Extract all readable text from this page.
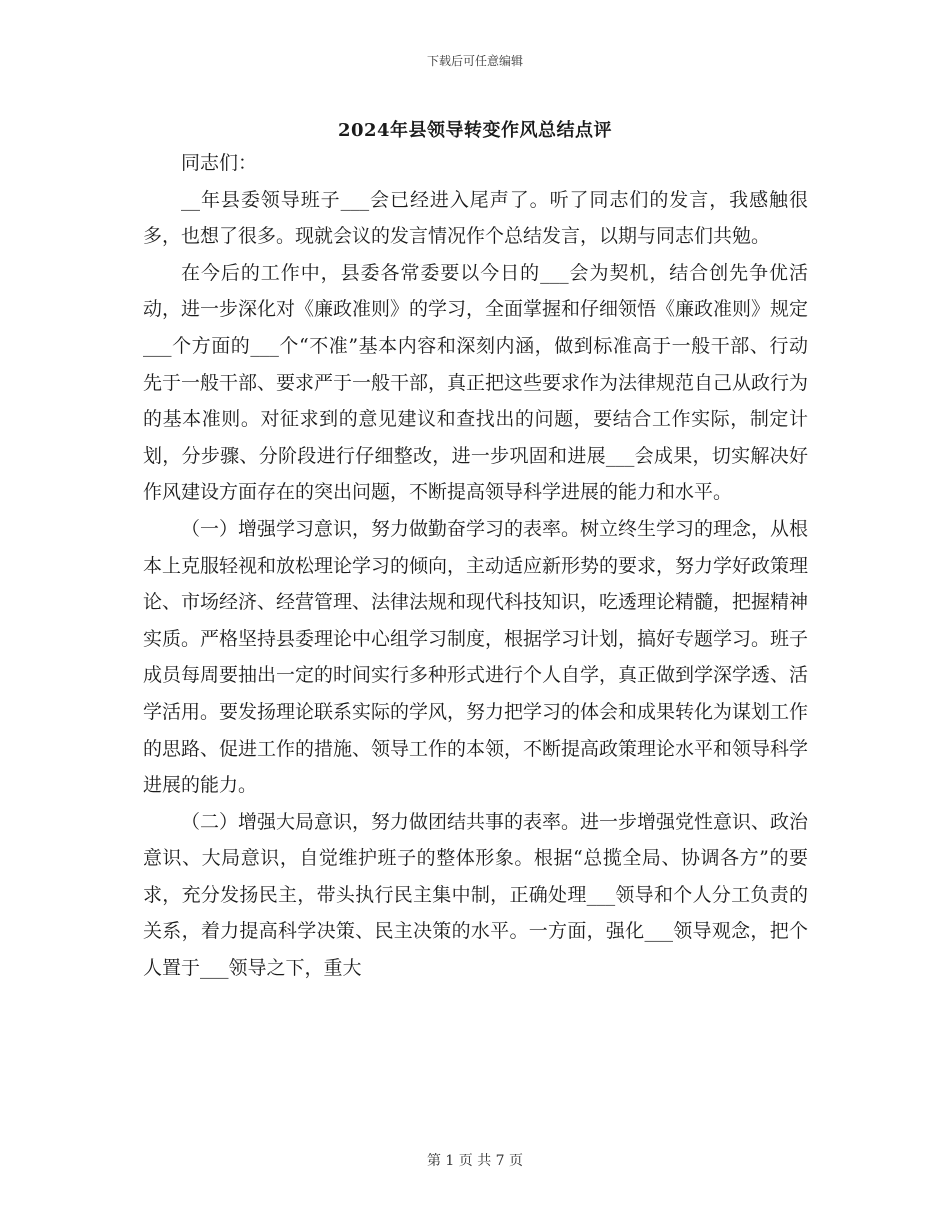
下载后可任意编辑
2024年县领导转变作风总结点评

同志们：

__年县委领导班子___会已经进入尾声了。听了同志们的发言，我感触很多，也想了很多。现就会议的发言情况作个总结发言，以期与同志们共勉。

在今后的工作中，县委各常委要以今日的___会为契机，结合创先争优活动，进一步深化对《廉政准则》的学习，全面掌握和仔细领悟《廉政准则》规定___个方面的___个“不准”基本内容和深刻内涵，做到标准高于一般干部、行动先于一般干部、要求严于一般干部，真正把这些要求作为法律规范自己从政行为的基本准则。对征求到的意见建议和查找出的问题，要结合工作实际，制定计划，分步骤、分阶段进行仔细整改，进一步巩固和进展___会成果，切实解决好作风建设方面存在的突出问题，不断提高领导科学进展的能力和水平。

（一）增强学习意识，努力做勤奋学习的表率。树立终生学习的理念，从根本上克服轻视和放松理论学习的倾向，主动适应新形势的要求，努力学好政策理论、市场经济、经营管理、法律法规和现代科技知识，吃透理论精髓，把握精神实质。严格坚持县委理论中心组学习制度，根据学习计划，搞好专题学习。班子成员每周要抽出一定的时间实行多种形式进行个人自学，真正做到学深学透、活学活用。要发扬理论联系实际的学风，努力把学习的体会和成果转化为谋划工作的思路、促进工作的措施、领导工作的本领，不断提高政策理论水平和领导科学进展的能力。

（二）增强大局意识，努力做团结共事的表率。进一步增强党性意识、政治意识、大局意识，自觉维护班子的整体形象。根据“总揽全局、协调各方”的要求，充分发扬民主，带头执行民主集中制，正确处理___领导和个人分工负责的关系，着力提高科学决策、民主决策的水平。一方面，强化___领导观念，把个人置于___领导之下，重大

第 1 页 共 7 页
